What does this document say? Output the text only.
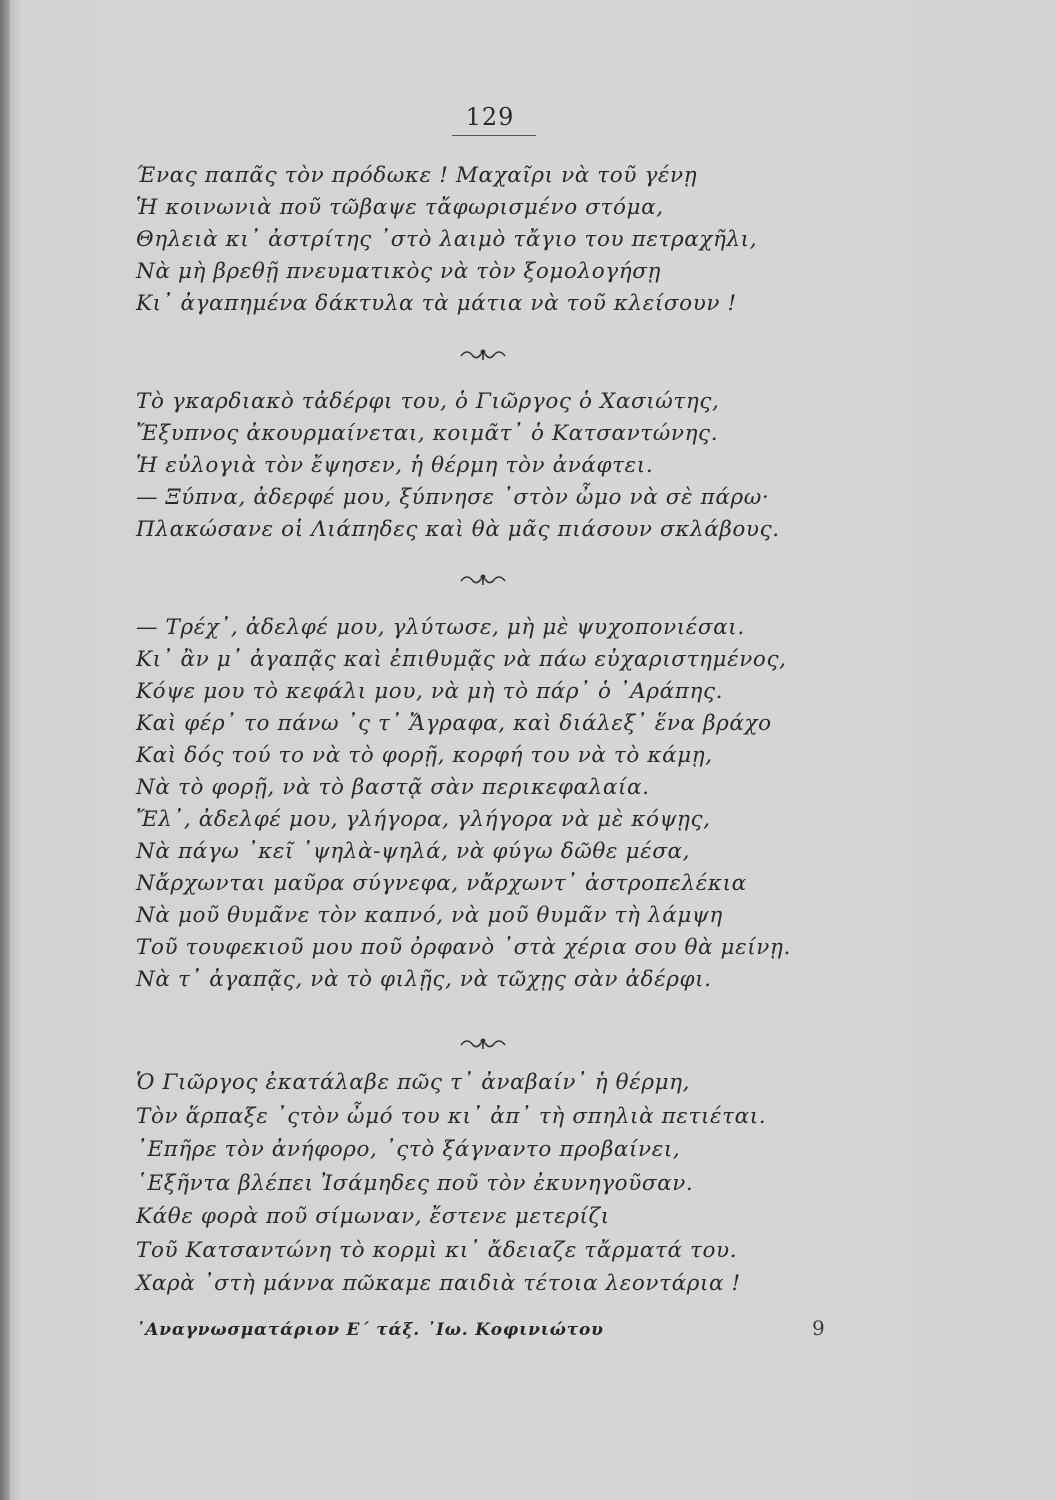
129
Ένας παπᾶς τὸν πρόδωκε ! Μαχαῖρι νὰ τοῦ γένῃ
Ἡ κοινωνιὰ ποῦ τῶβαψε τἄφωρισμένο στόμα,
Θηλειὰ κι᾽ ἀστρίτης ᾽στὸ λαιμὸ τἄγιο του πετραχῆλι,
Νὰ μὴ βρεθῇ πνευματικὸς νὰ τὸν ξομολογήσῃ
Κι᾽ ἀγαπημένα δάκτυλα τὰ μάτια νὰ τοῦ κλείσουν !
Τὸ γκαρδιακὸ τἀδέρφι του, ὁ Γιῶργος ὁ Χασιώτης,
Ἔξυπνος ἀκουρμαίνεται, κοιμᾶτ᾽ ὁ Κατσαντώνης.
Ἡ εὐλογιὰ τὸν ἔψησεν, ἡ θέρμη τὸν ἀνάφτει.
— Ξύπνα, ἀδερφέ μου, ξύπνησε ᾽στὸν ὦμο νὰ σὲ πάρω·
Πλακώσανε οἱ Λιάπηδες καὶ θὰ μᾶς πιάσουν σκλάβους.
— Τρέχ᾽, ἀδελφέ μου, γλύτωσε, μὴ μὲ ψυχοπονιέσαι.
Κι᾽ ἂν μ᾽ ἀγαπᾷς καὶ ἐπιθυμᾷς νὰ πάω εὐχαριστημένος,
Κόψε μου τὸ κεφάλι μου, νὰ μὴ τὸ πάρ᾽ ὁ ᾽Αράπης.
Καὶ φέρ᾽ το πάνω ᾽ς τ᾽ Ἄγραφα, καὶ διάλεξ᾽ ἕνα βράχο
Καὶ δός τού το νὰ τὸ φορῇ, κορφή του νὰ τὸ κάμῃ,
Νὰ τὸ φορῇ, νὰ τὸ βαστᾷ σὰν περικεφαλαία.
Ἔλ᾽, ἀδελφέ μου, γλήγορα, γλήγορα νὰ μὲ κόψῃς,
Νὰ πάγω ᾽κεῖ ᾽ψηλὰ-ψηλά, νὰ φύγω δῶθε μέσα,
Νἄρχωνται μαῦρα σύγνεφα, νἄρχωντ᾽ ἀστροπελέκια
Νὰ μοῦ θυμᾶνε τὸν καπνό, νὰ μοῦ θυμᾶν τὴ λάμψη
Τοῦ τουφεκιοῦ μου ποῦ ὀρφανὸ ᾽στὰ χέρια σου θὰ μείνῃ.
Νὰ τ᾽ ἀγαπᾷς, νὰ τὸ φιλῇς, νὰ τῶχῃς σὰν ἀδέρφι.
Ὁ Γιῶργος ἐκατάλαβε πῶς τ᾽ ἀναβαίν᾽ ἡ θέρμη,
Τὸν ἅρπαξε ᾽ςτὸν ὦμό του κι᾽ ἀπ᾽ τὴ σπηλιὰ πετιέται.
᾽Επῆρε τὸν ἀνήφορο, ᾽ςτὸ ξάγναντο προβαίνει,
῾Εξῆντα βλέπει Ἰσάμηδες ποῦ τὸν ἐκυνηγοῦσαν.
Κάθε φορὰ ποῦ σίμωναν, ἔστενε μετερίζι
Τοῦ Κατσαντώνη τὸ κορμὶ κι᾽ ἄδειαζε τἄρματά του.
Χαρὰ ᾽στὴ μάννα πῶκαμε παιδιὰ τέτοια λεοντάρια !
᾽Αναγνωσματάριον Ε΄ τάξ. ᾽Ιω. Κοφινιώτου	9
